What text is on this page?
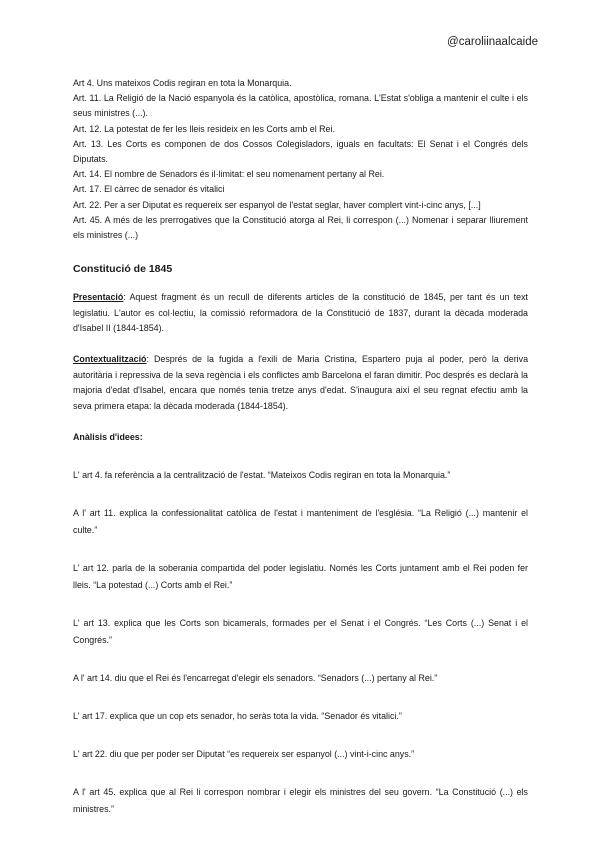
@caroliinaalcaide

Art 4. Uns mateixos Codis regiran en tota la Monarquia.

Art. 11. La Religió de la Nació espanyola és la catòlica, apostòlica, romana. L'Estat s'obliga a mantenir el culte i els seus ministres (...).

Art. 12. La potestat de fer les lleis resideix en les Corts amb el Rei.

Art. 13. Les Corts es componen de dos Cossos Colegisladors, iguals en facultats: El Senat i el Congrés dels Diputats.

Art. 14. El nombre de Senadors és il·limitat: el seu nomenament pertany al Rei.

Art. 17. El càrrec de senador és vitalici

Art. 22. Per a ser Diputat es requereix ser espanyol de l'estat seglar, haver complert vint-i-cinc anys, [...]

Art. 45. A més de les prerrogatives que la Constitució atorga al Rei, li correspon (...) Nomenar i separar lliurement els ministres (...)

Constitució de 1845

Presentació: Aquest fragment és un recull de diferents articles de la constitució de 1845, per tant és un text legislatiu. L'autor es col·lectiu, la comissió reformadora de la Constitució de 1837, durant la dècada moderada d'Isabel II (1844-1854).

Contextualització: Després de la fugida a l'exili de Maria Cristina, Espartero puja al poder, però la deriva autoritària i repressiva de la seva regència i els conflictes amb Barcelona el faran dimitir. Poc després es declarà la majoria d'edat d'Isabel, encara que només tenia tretze anys d'edat. S'inaugura així el seu regnat efectiu amb la seva primera etapa: la dècada moderada (1844-1854).

Anàlisis d'idees:

L' art 4. fa referència a la centralització de l'estat. “Mateixos Codis regiran en tota la Monarquia.”

A l' art 11. explica la confessionalitat catòlica de l'estat i manteniment de l'església. “La Religió (...) mantenir el culte.”

L' art 12. parla de la soberania compartida del poder legislatiu. Només les Corts juntament amb el Rei poden fer lleis. “La potestad (...) Corts amb el Rei.”

L' art 13. explica que les Corts son bicamerals, formades per el Senat i el Congrés. “Les Corts (...) Senat i el Congrés.”

A l' art 14. diu que el Rei és l'encarregat d'elegir els senadors. “Senadors (...) pertany al Rei.”

L' art 17. explica que un cop ets senador, ho seràs tota la vida. “Senador és vitalici.”

L' art 22. diu que per poder ser Diputat “es requereix ser espanyol (...) vint-i-cinc anys.”

A l' art 45. explica que al Rei li correspon nombrar i elegir els ministres del seu govern. “La Constitució (...) els ministres.”
